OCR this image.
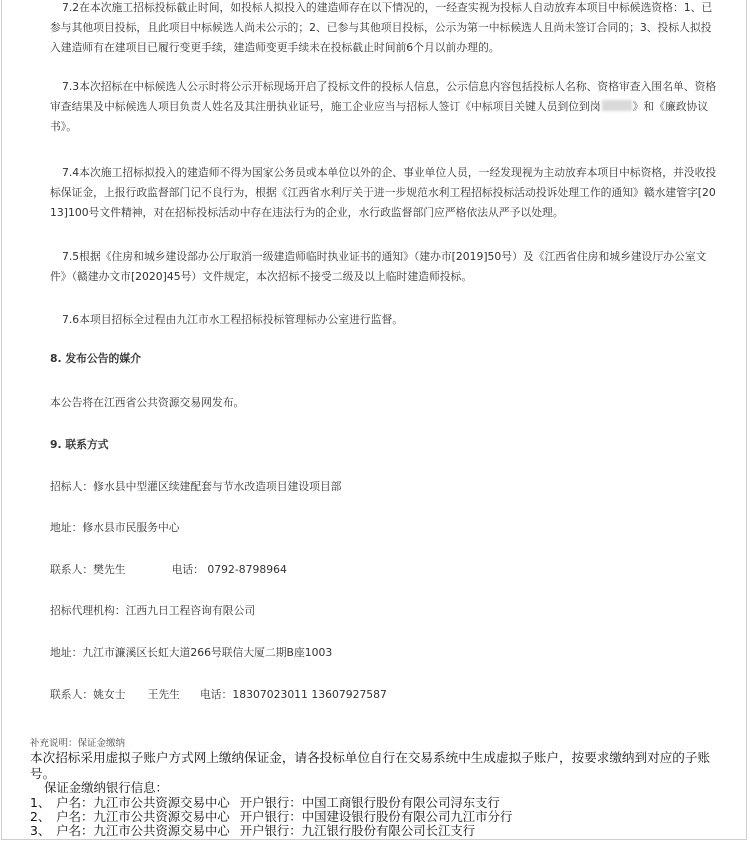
7.2在本次施工招标投标截止时间，如投标人拟投入的建造师存在以下情况的，一经查实视为投标人自动放弃本项目中标候选资格：1、已参与其他项目投标，且此项目中标候选人尚未公示的；2、已参与其他项目投标，公示为第一中标候选人且尚未签订合同的；3、投标人拟投入建造师有在建项目已履行变更手续，建造师变更手续未在投标截止时间前6个月以前办理的。

7.3本次招标在中标候选人公示时将公示开标现场开启了投标文件的投标人信息，公示信息内容包括投标人名称、资格审查入围名单、资格审查结果及中标候选人项目负责人姓名及其注册执业证号，施工企业应当与招标人签订《中标项目关键人员到位到岗	》和《廉政协议书》。

7.4本次施工招标拟投入的建造师不得为国家公务员或本单位以外的企、事业单位人员，一经发现视为主动放弃本项目中标资格，并没收投标保证金，上报行政监督部门记不良行为，根据《江西省水利厅关于进一步规范水利工程招标投标活动投诉处理工作的通知》赣水建管字[2013]100号文件精神，对在招标投标活动中存在违法行为的企业，水行政监督部门应严格依法从严予以处理。

7.5根据《住房和城乡建设部办公厅取消一级建造师临时执业证书的通知》（建办市[2019]50号）及《江西省住房和城乡建设厅办公室文件》（赣建办文市[2020]45号）文件规定，本次招标不接受二级及以上临时建造师投标。

7.6本项目招标全过程由九江市水工程招标投标管理标办公室进行监督。

8. 发布公告的媒介
本公告将在江西省公共资源交易网发布。
9. 联系方式
招标人：修水县中型灌区续建配套与节水改造项目建设项目部
地址：修水县市民服务中心
联系人：樊先生	电话： 0792-8798964
招标代理机构：江西九日工程咨询有限公司
地址：九江市濂溪区长虹大道266号联信大厦二期B座1003
联系人：姚女士 王先生 电话：18307023011 13607927587
补充说明：保证金缴纳

本次招标采用虚拟子账户方式网上缴纳保证金，请各投标单位自行在交易系统中生成虚拟子账户，按要求缴纳到对应的子账号。

保证金缴纳银行信息：
1、 户名：九江市公共资源交易中心 开户银行：中国工商银行股份有限公司浔东支行
2、 户名：九江市公共资源交易中心 开户银行：中国建设银行股份有限公司九江市分行
3、 户名：九江市公共资源交易中心 开户银行：九江银行股份有限公司长江支行
